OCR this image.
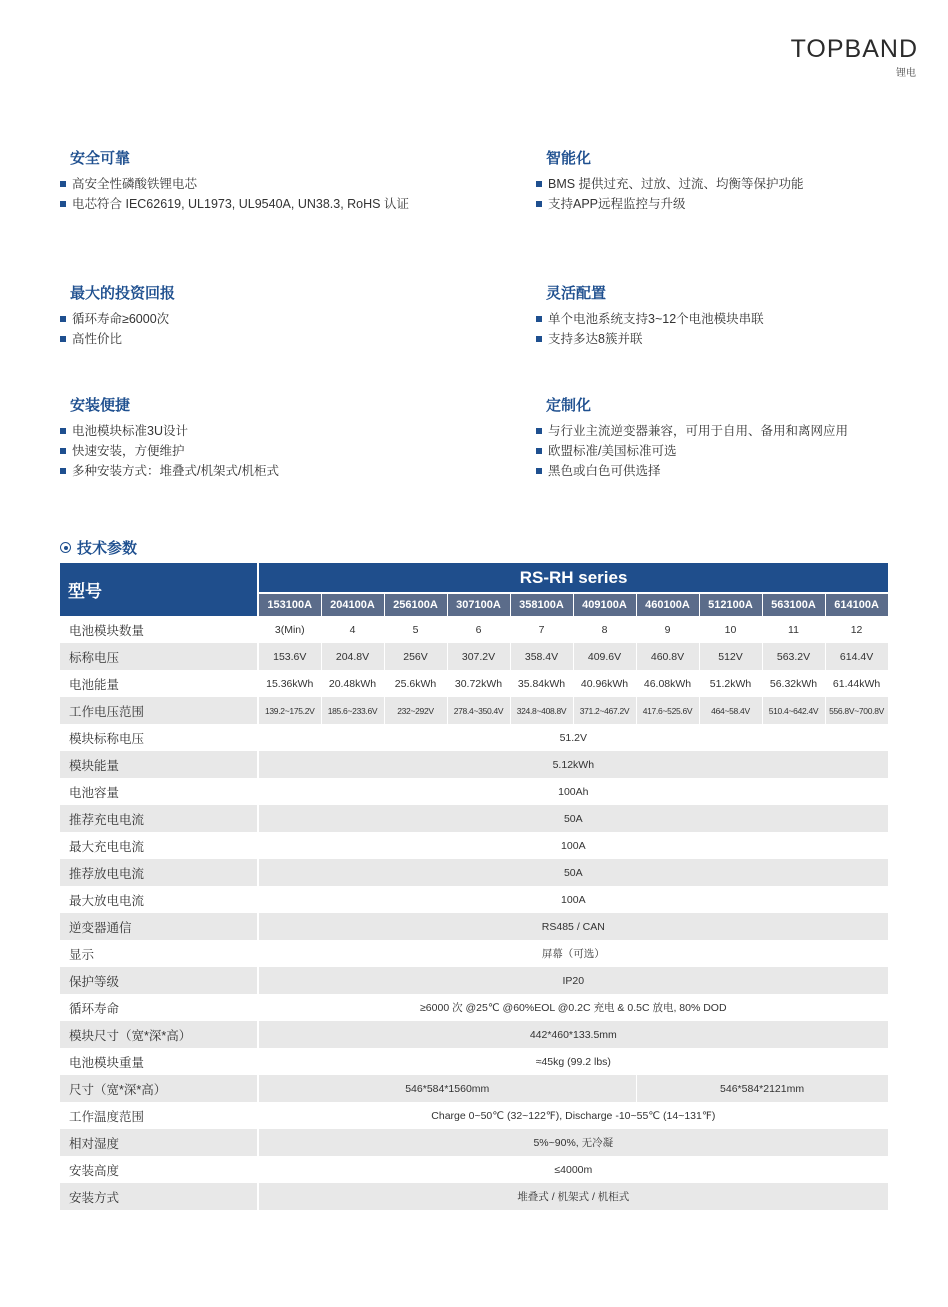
TOPBAND
锂电
安全可靠
高安全性磷酸铁锂电芯
电芯符合 IEC62619, UL1973, UL9540A, UN38.3, RoHS 认证
智能化
BMS 提供过充、过放、过流、均衡等保护功能
支持APP远程监控与升级
最大的投资回报
循环寿命≥6000次
高性价比
灵活配置
单个电池系统支持3~12个电池模块串联
支持多达8簇并联
安装便捷
电池模块标准3U设计
快速安装，方便维护
多种安装方式：堆叠式/机架式/机柜式
定制化
与行业主流逆变器兼容，可用于自用、备用和离网应用
欧盟标准/美国标准可选
黑色或白色可供选择
技术参数
型号	RS-RH series									
	153100A	204100A	256100A	307100A	358100A	409100A	460100A	512100A	563100A	614100A
电池模块数量	3(Min)	4	5	6	7	8	9	10	11	12
标称电压	153.6V	204.8V	256V	307.2V	358.4V	409.6V	460.8V	512V	563.2V	614.4V
电池能量	15.36kWh	20.48kWh	25.6kWh	30.72kWh	35.84kWh	40.96kWh	46.08kWh	51.2kWh	56.32kWh	61.44kWh
工作电压范围	139.2~175.2V	185.6~233.6V	232~292V	278.4~350.4V	324.8~408.8V	371.2~467.2V	417.6~525.6V	464~58.4V	510.4~642.4V	556.8V~700.8V
模块标称电压	51.2V									
模块能量	5.12kWh									
电池容量	100Ah									
推荐充电电流	50A									
最大充电电流	100A									
推荐放电电流	50A									
最大放电电流	100A									
逆变器通信	RS485 / CAN									
显示	屏幕（可选）									
保护等级	IP20									
循环寿命	≥6000 次 @25℃ @60%EOL @0.2C 充电 & 0.5C 放电, 80% DOD									
模块尺寸（宽*深*高）	442*460*133.5mm									
电池模块重量	≈45kg (99.2 lbs)									
尺寸（宽*深*高）	546*584*1560mm						546*584*2121mm			
工作温度范围	Charge 0~50℃ (32~122℉), Discharge -10~55℃ (14~131℉)									
相对湿度	5%~90%, 无冷凝									
安装高度	≤4000m									
安装方式	堆叠式 / 机架式 / 机柜式									
